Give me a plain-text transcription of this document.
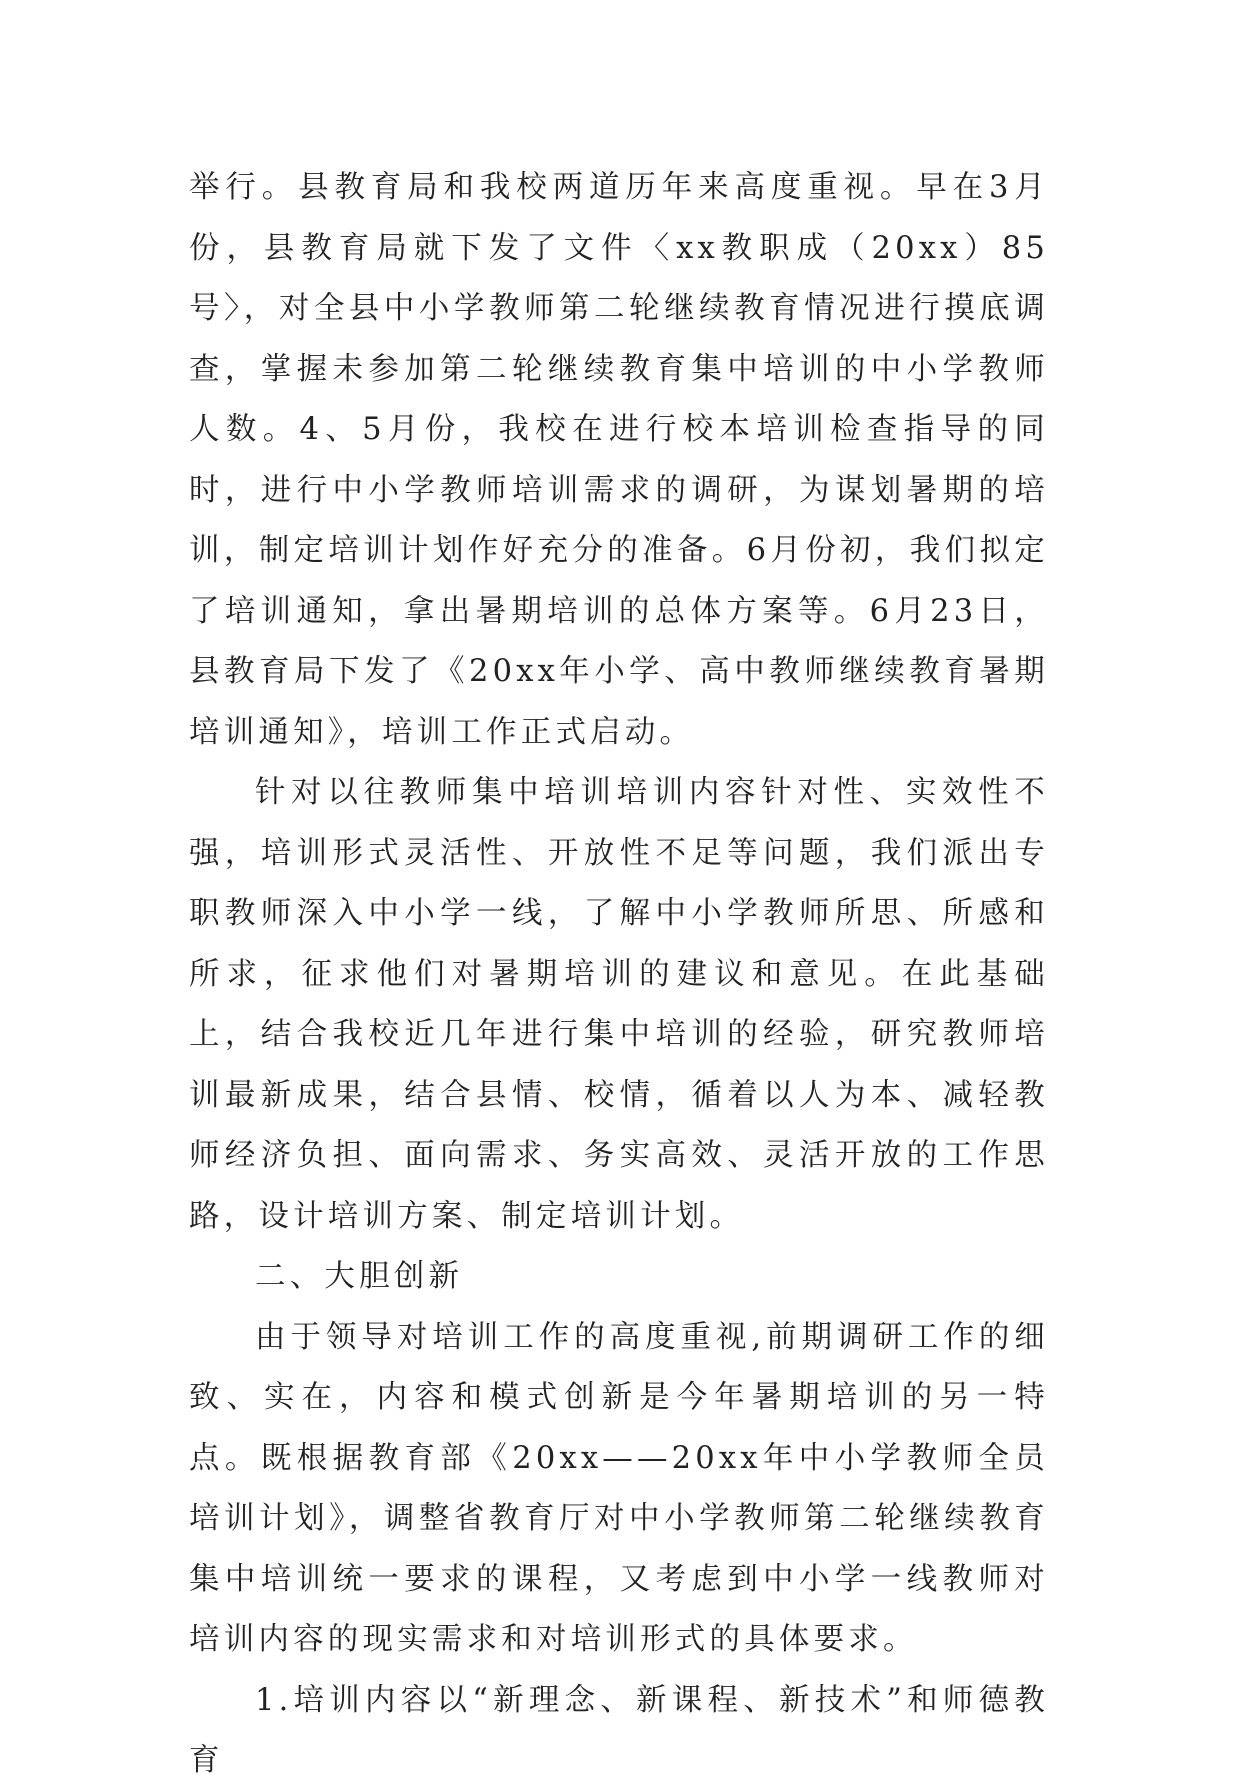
举行。县教育局和我校两道历年来高度重视。早在3月份，县教育局就下发了文件〈xx教职成（20xx）85号〉，对全县中小学教师第二轮继续教育情况进行摸底调查，掌握未参加第二轮继续教育集中培训的中小学教师人数。4、5月份，我校在进行校本培训检查指导的同时，进行中小学教师培训需求的调研，为谋划暑期的培训，制定培训计划作好充分的准备。6月份初，我们拟定了培训通知，拿出暑期培训的总体方案等。6月23日，县教育局下发了《20xx年小学、高中教师继续教育暑期培训通知》，培训工作正式启动。

针对以往教师集中培训培训内容针对性、实效性不强，培训形式灵活性、开放性不足等问题，我们派出专职教师深入中小学一线，了解中小学教师所思、所感和所求，征求他们对暑期培训的建议和意见。在此基础上，结合我校近几年进行集中培训的经验，研究教师培训最新成果，结合县情、校情，循着以人为本、减轻教师经济负担、面向需求、务实高效、灵活开放的工作思路，设计培训方案、制定培训计划。

二、大胆创新

由于领导对培训工作的高度重视,前期调研工作的细致、实在，内容和模式创新是今年暑期培训的另一特点。既根据教育部《20xx——20xx年中小学教师全员培训计划》，调整省教育厅对中小学教师第二轮继续教育集中培训统一要求的课程，又考虑到中小学一线教师对培训内容的现实需求和对培训形式的具体要求。

1.培训内容以“新理念、新课程、新技术”和师德教育
